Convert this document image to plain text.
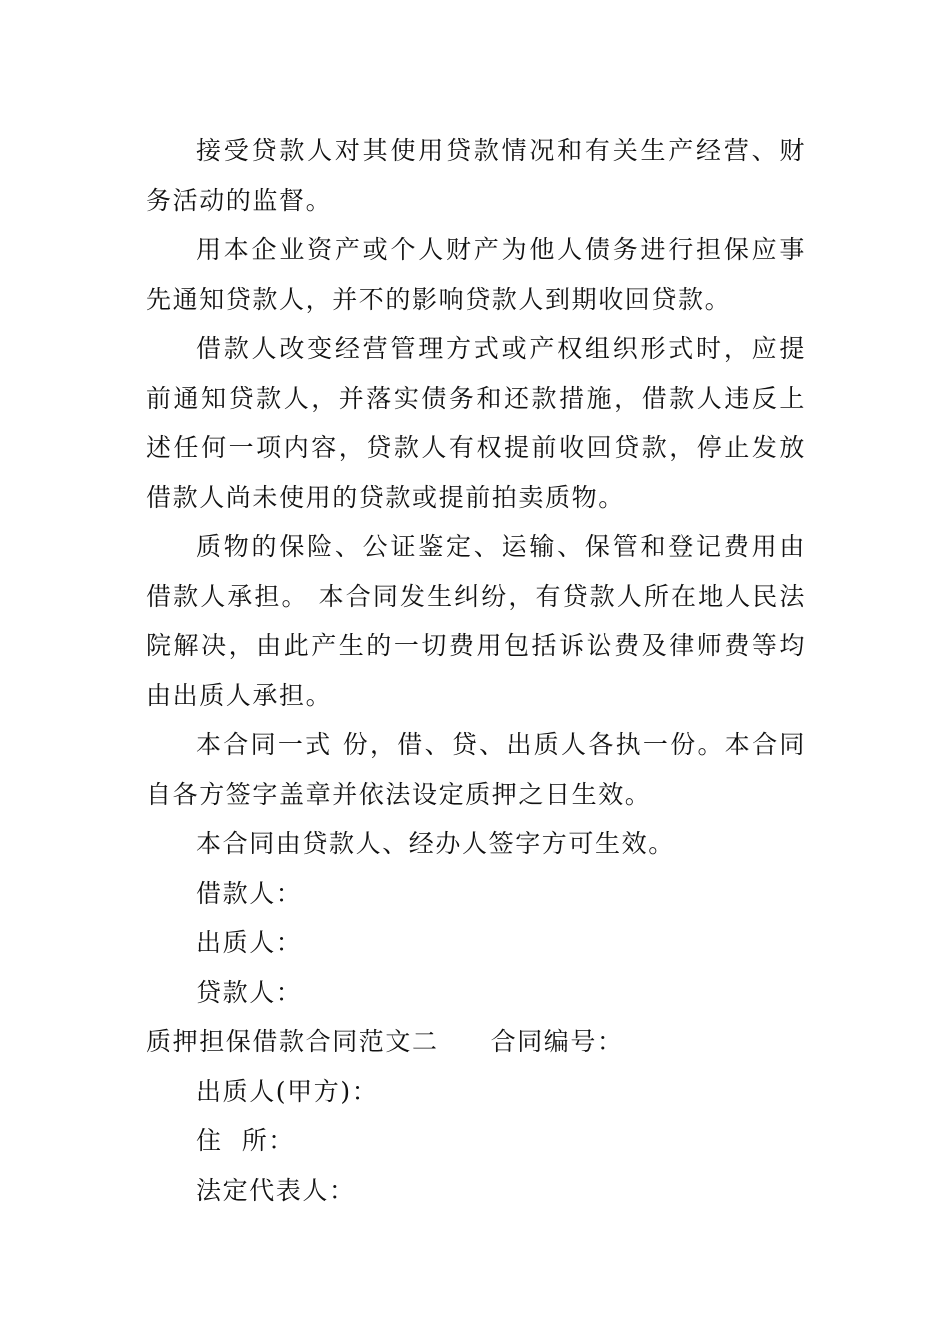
接受贷款人对其使用贷款情况和有关生产经营、财务活动的监督。

用本企业资产或个人财产为他人债务进行担保应事先通知贷款人，并不的影响贷款人到期收回贷款。

借款人改变经营管理方式或产权组织形式时，应提前通知贷款人，并落实债务和还款措施，借款人违反上述任何一项内容，贷款人有权提前收回贷款，停止发放借款人尚未使用的贷款或提前拍卖质物。

质物的保险、公证鉴定、运输、保管和登记费用由借款人承担。 本合同发生纠纷，有贷款人所在地人民法院解决，由此产生的一切费用包括诉讼费及律师费等均由出质人承担。

本合同一式 份，借、贷、出质人各执一份。本合同自各方签字盖章并依法设定质押之日生效。

本合同由贷款人、经办人签字方可生效。

借款人：

出质人：

贷款人：

质押担保借款合同范文二 合同编号：

出质人(甲方)：

住  所：

法定代表人：
